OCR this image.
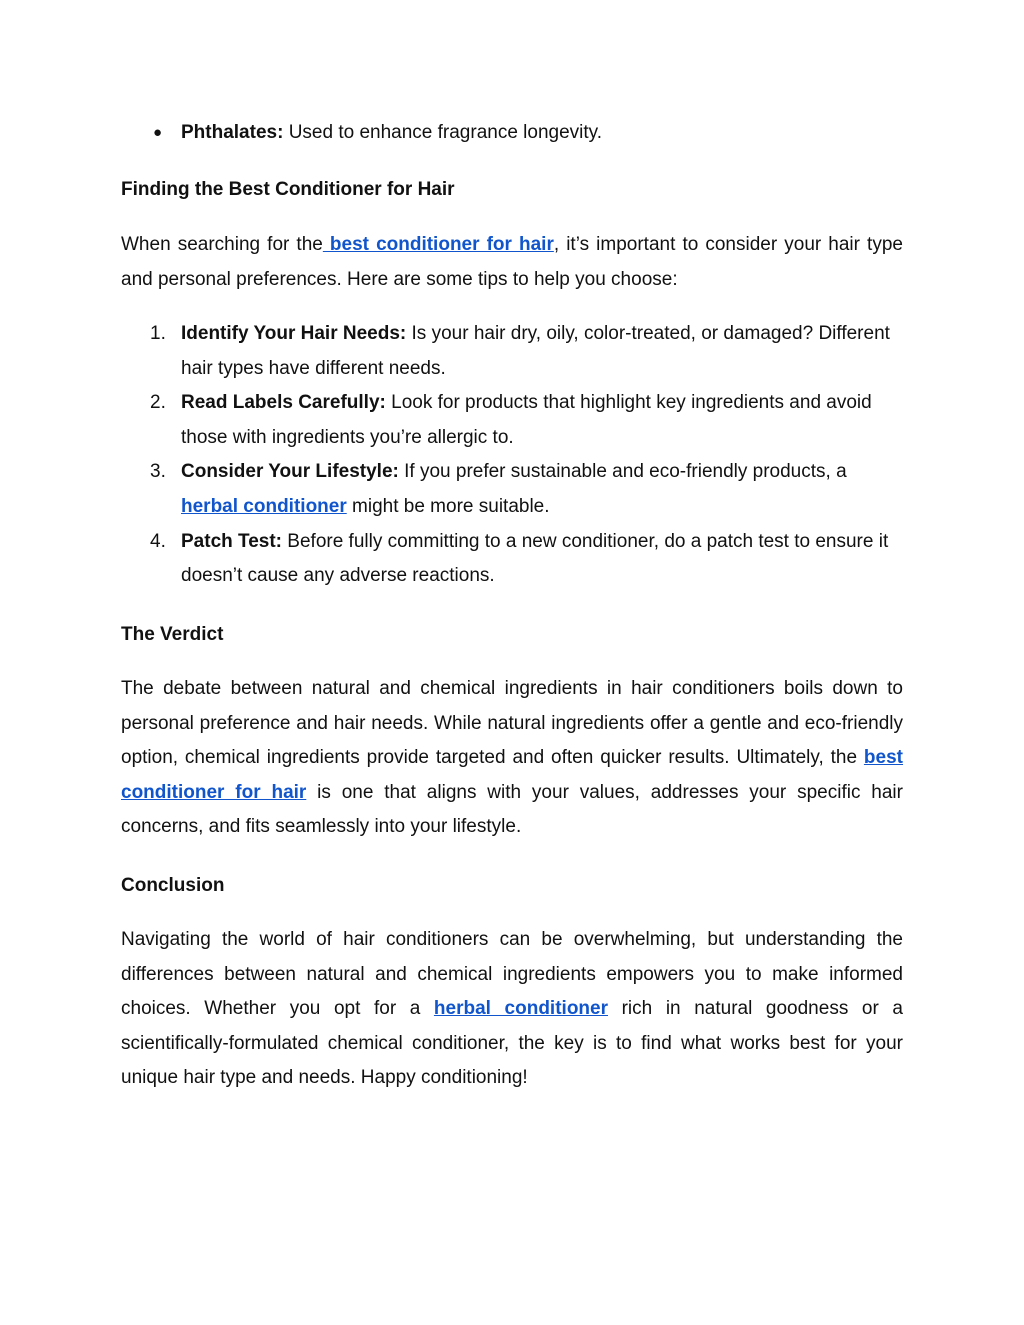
● Phthalates: Used to enhance fragrance longevity.
Finding the Best Conditioner for Hair

When searching for the best conditioner for hair, it’s important to consider your hair type and personal preferences. Here are some tips to help you choose:

1. Identify Your Hair Needs: Is your hair dry, oily, color-treated, or damaged? Different hair types have different needs.
2. Read Labels Carefully: Look for products that highlight key ingredients and avoid those with ingredients you’re allergic to.
3. Consider Your Lifestyle: If you prefer sustainable and eco-friendly products, a herbal conditioner might be more suitable.
4. Patch Test: Before fully committing to a new conditioner, do a patch test to ensure it doesn’t cause any adverse reactions.
The Verdict

The debate between natural and chemical ingredients in hair conditioners boils down to personal preference and hair needs. While natural ingredients offer a gentle and eco-friendly option, chemical ingredients provide targeted and often quicker results. Ultimately, the best conditioner for hair is one that aligns with your values, addresses your specific hair concerns, and fits seamlessly into your lifestyle.

Conclusion

Navigating the world of hair conditioners can be overwhelming, but understanding the differences between natural and chemical ingredients empowers you to make informed choices. Whether you opt for a herbal conditioner rich in natural goodness or a scientifically-formulated chemical conditioner, the key is to find what works best for your unique hair type and needs. Happy conditioning!
